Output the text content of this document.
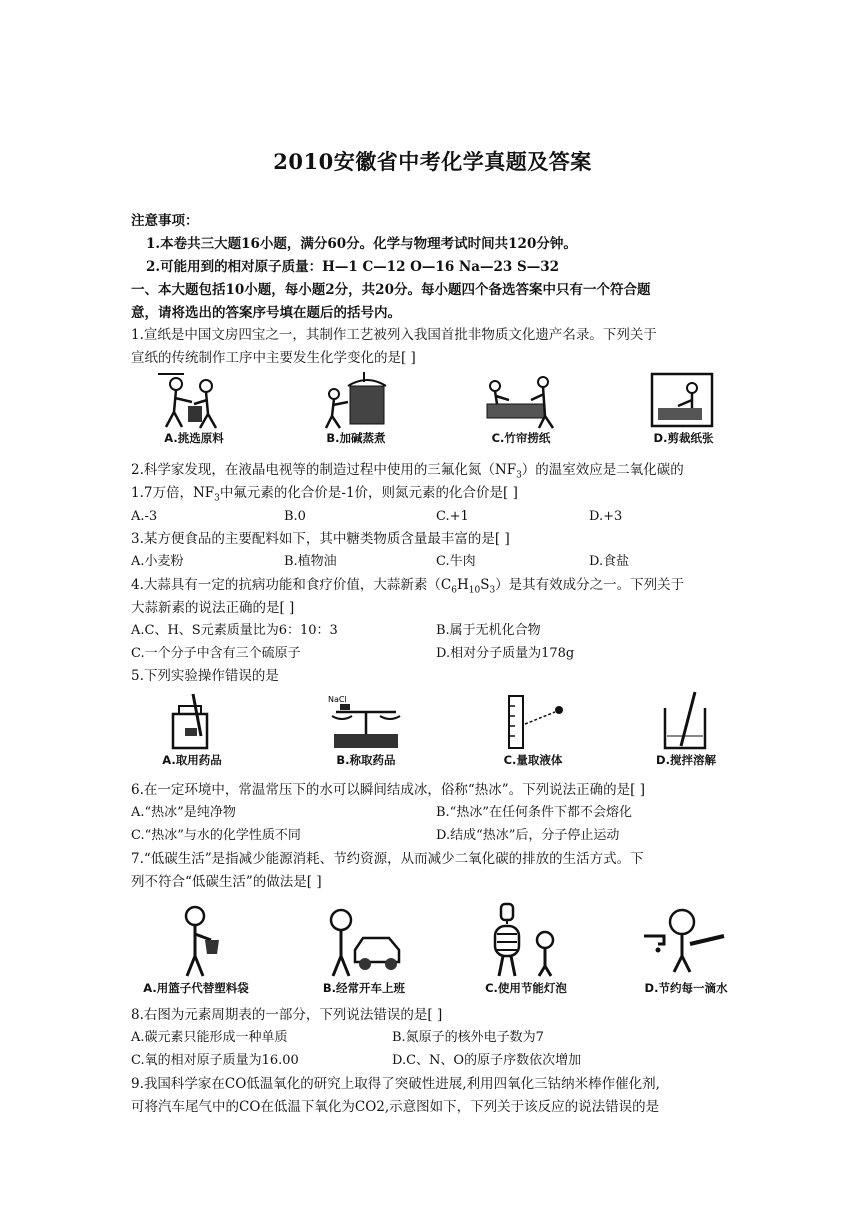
2010安徽省中考化学真题及答案
注意事项：
1.本卷共三大题16小题，满分60分。化学与物理考试时间共120分钟。
2.可能用到的相对原子质量：H—1 C—12 O—16 Na—23 S—32
一、本大题包括10小题，每小题2分，共20分。每小题四个备选答案中只有一个符合题
意，请将选出的答案序号填在题后的括号内。
1.宣纸是中国文房四宝之一，其制作工艺被列入我国首批非物质文化遗产名录。下列关于
宣纸的传统制作工序中主要发生化学变化的是[ ]
A.挑选原料	B.加碱蒸煮	C.竹帘捞纸	D.剪裁纸张
2.科学家发现，在液晶电视等的制造过程中使用的三氟化氮$(NF_3)$的温室效应是二氧化碳的
1.7万倍，$NF_3$中氟元素的化合价是-1价，则氮元素的化合价是[ ]
A.-3	B.0	C.+1	D.+3
3.某方便食品的主要配料如下，其中糖类物质含量最丰富的是[ ]
A.小麦粉	B.植物油	C.牛肉	D.食盐
4.大蒜具有一定的抗病功能和食疗价值，大蒜新素$(C_6H_{10}S_3)$是其有效成分之一。下列关于
大蒜新素的说法正确的是[ ]
A.C、H、S元素质量比为6：10：3	B.属于无机化合物
C.一个分子中含有三个硫原子	D.相对分子质量为178g
5.下列实验操作错误的是
A.取用药品
NaCl
B.称取药品	C.量取液体	D.搅拌溶解
6.在一定环境中，常温常压下的水可以瞬间结成冰，俗称“热冰”。下列说法正确的是[ ]
A.“热冰”是纯净物	B.“热冰”在任何条件下都不会熔化
C.“热冰”与水的化学性质不同	D.结成“热冰”后，分子停止运动
7.“低碳生活”是指减少能源消耗、节约资源，从而减少二氧化碳的排放的生活方式。下
列不符合“低碳生活”的做法是[ ]
A.用篮子代替塑料袋	B.经常开车上班	C.使用节能灯泡	D.节约每一滴水
8.右图为元素周期表的一部分，下列说法错误的是[ ]
A.碳元素只能形成一种单质	B.氮原子的核外电子数为7
C.氧的相对原子质量为16.00	D.C、N、O的原子序数依次增加
9.我国科学家在CO低温氧化的研究上取得了突破性进展,利用四氧化三钴纳米棒作催化剂,
可将汽车尾气中的CO在低温下氧化为CO2,示意图如下，下列关于该反应的说法错误的是
